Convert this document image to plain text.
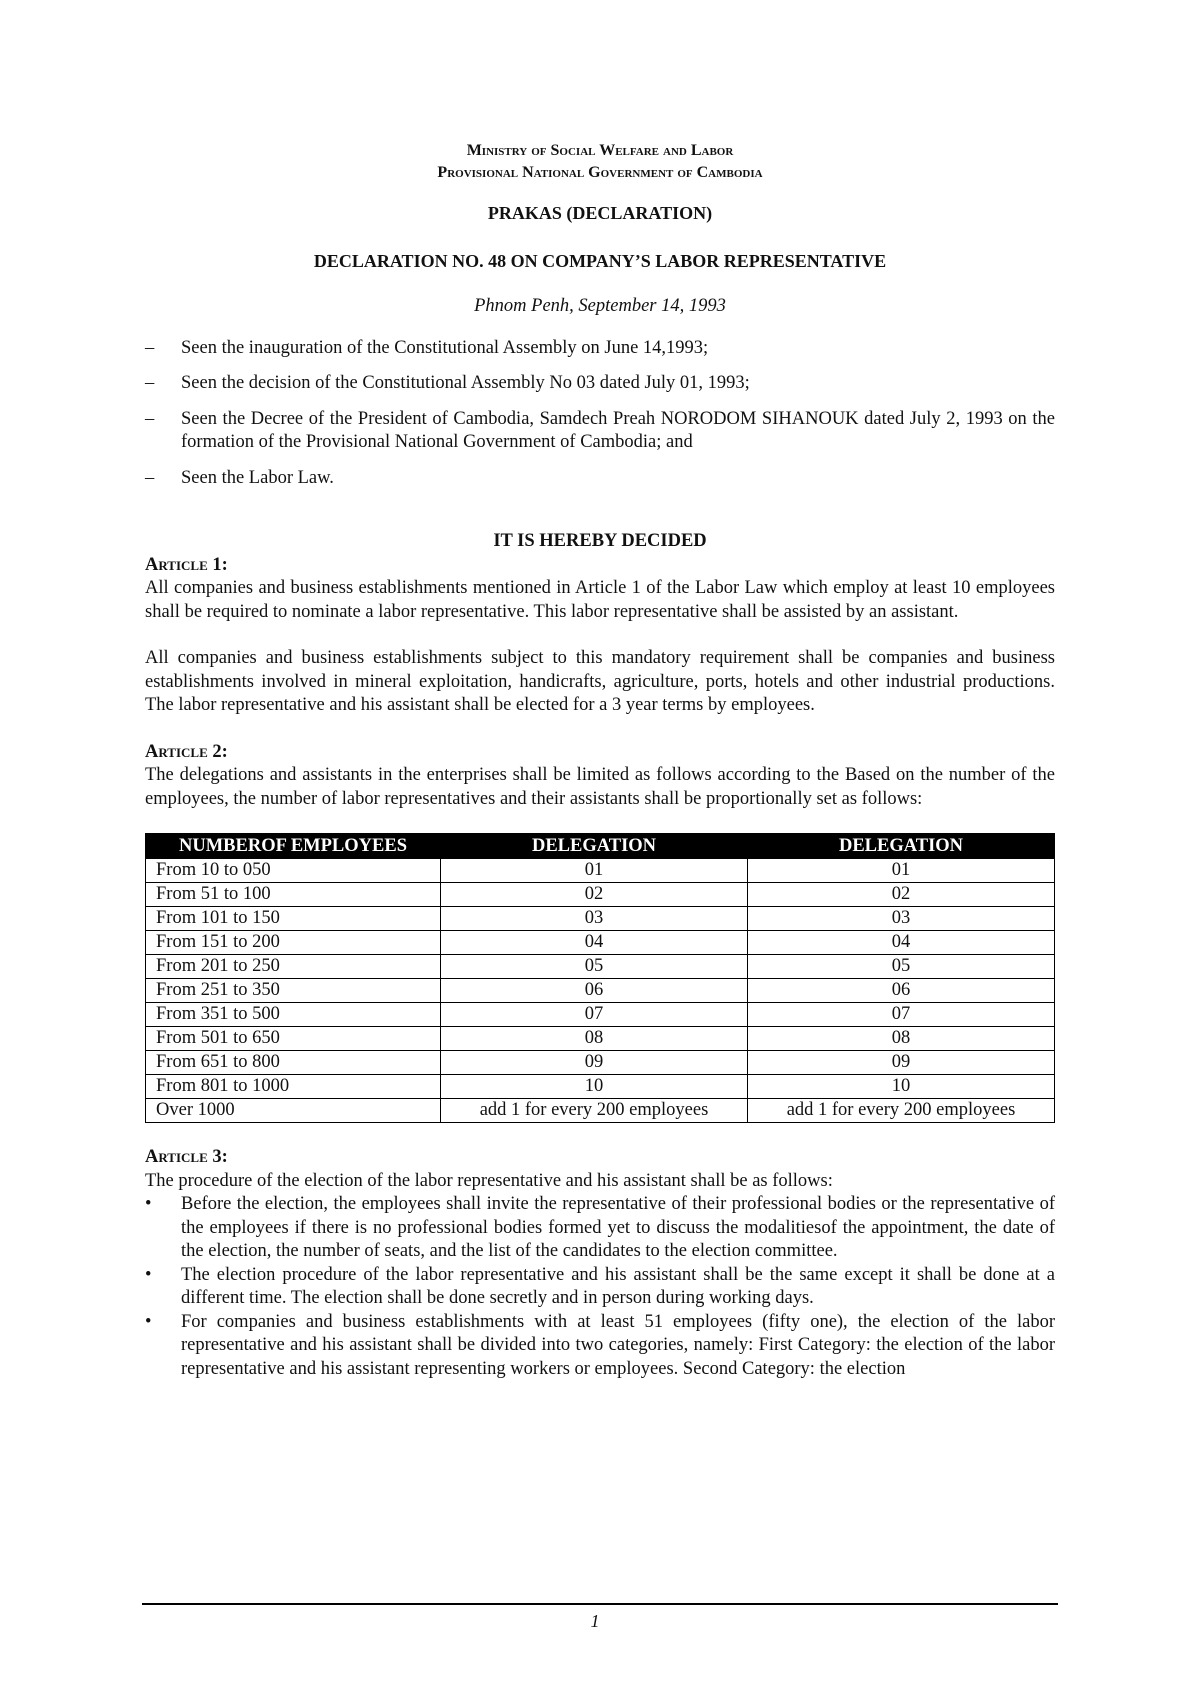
Ministry of Social Welfare and Labor
Provisional National Government of Cambodia
PRAKAS (DECLARATION)
DECLARATION NO. 48 ON COMPANY’S LABOR REPRESENTATIVE
Phnom Penh, September 14, 1993
– Seen the inauguration of the Constitutional Assembly on June 14,1993;
– Seen the decision of the Constitutional Assembly No 03 dated July 01, 1993;
– Seen the Decree of the President of Cambodia, Samdech Preah NORODOM SIHANOUK dated July 2, 1993 on the formation of the Provisional National Government of Cambodia; and
– Seen the Labor Law.
IT IS HEREBY DECIDED

Article 1:

All companies and business establishments mentioned in Article 1 of the Labor Law which employ at least 10 employees shall be required to nominate a labor representative. This labor representative shall be assisted by an assistant.

All companies and business establishments subject to this mandatory requirement shall be companies and business establishments involved in mineral exploitation, handicrafts, agriculture, ports, hotels and other industrial productions. The labor representative and his assistant shall be elected for a 3 year terms by employees.

Article 2:

The delegations and assistants in the enterprises shall be limited as follows according to the Based on the number of the employees, the number of labor representatives and their assistants shall be proportionally set as follows:

NUMBEROF EMPLOYEES	DELEGATION	DELEGATION
From 10 to 050	01	01
From 51 to 100	02	02
From 101 to 150	03	03
From 151 to 200	04	04
From 201 to 250	05	05
From 251 to 350	06	06
From 351 to 500	07	07
From 501 to 650	08	08
From 651 to 800	09	09
From 801 to 1000	10	10
Over 1000	add 1 for every 200 employees	add 1 for every 200 employees

Article 3:

The procedure of the election of the labor representative and his assistant shall be as follows:

• Before the election, the employees shall invite the representative of their professional bodies or the representative of the employees if there is no professional bodies formed yet to discuss the modalitiesof the appointment, the date of the election, the number of seats, and the list of the candidates to the election committee.
• The election procedure of the labor representative and his assistant shall be the same except it shall be done at a different time. The election shall be done secretly and in person during working days.
• For companies and business establishments with at least 51 employees (fifty one), the election of the labor representative and his assistant shall be divided into two categories, namely: First Category: the election of the labor representative and his assistant representing workers or employees. Second Category: the election
1
